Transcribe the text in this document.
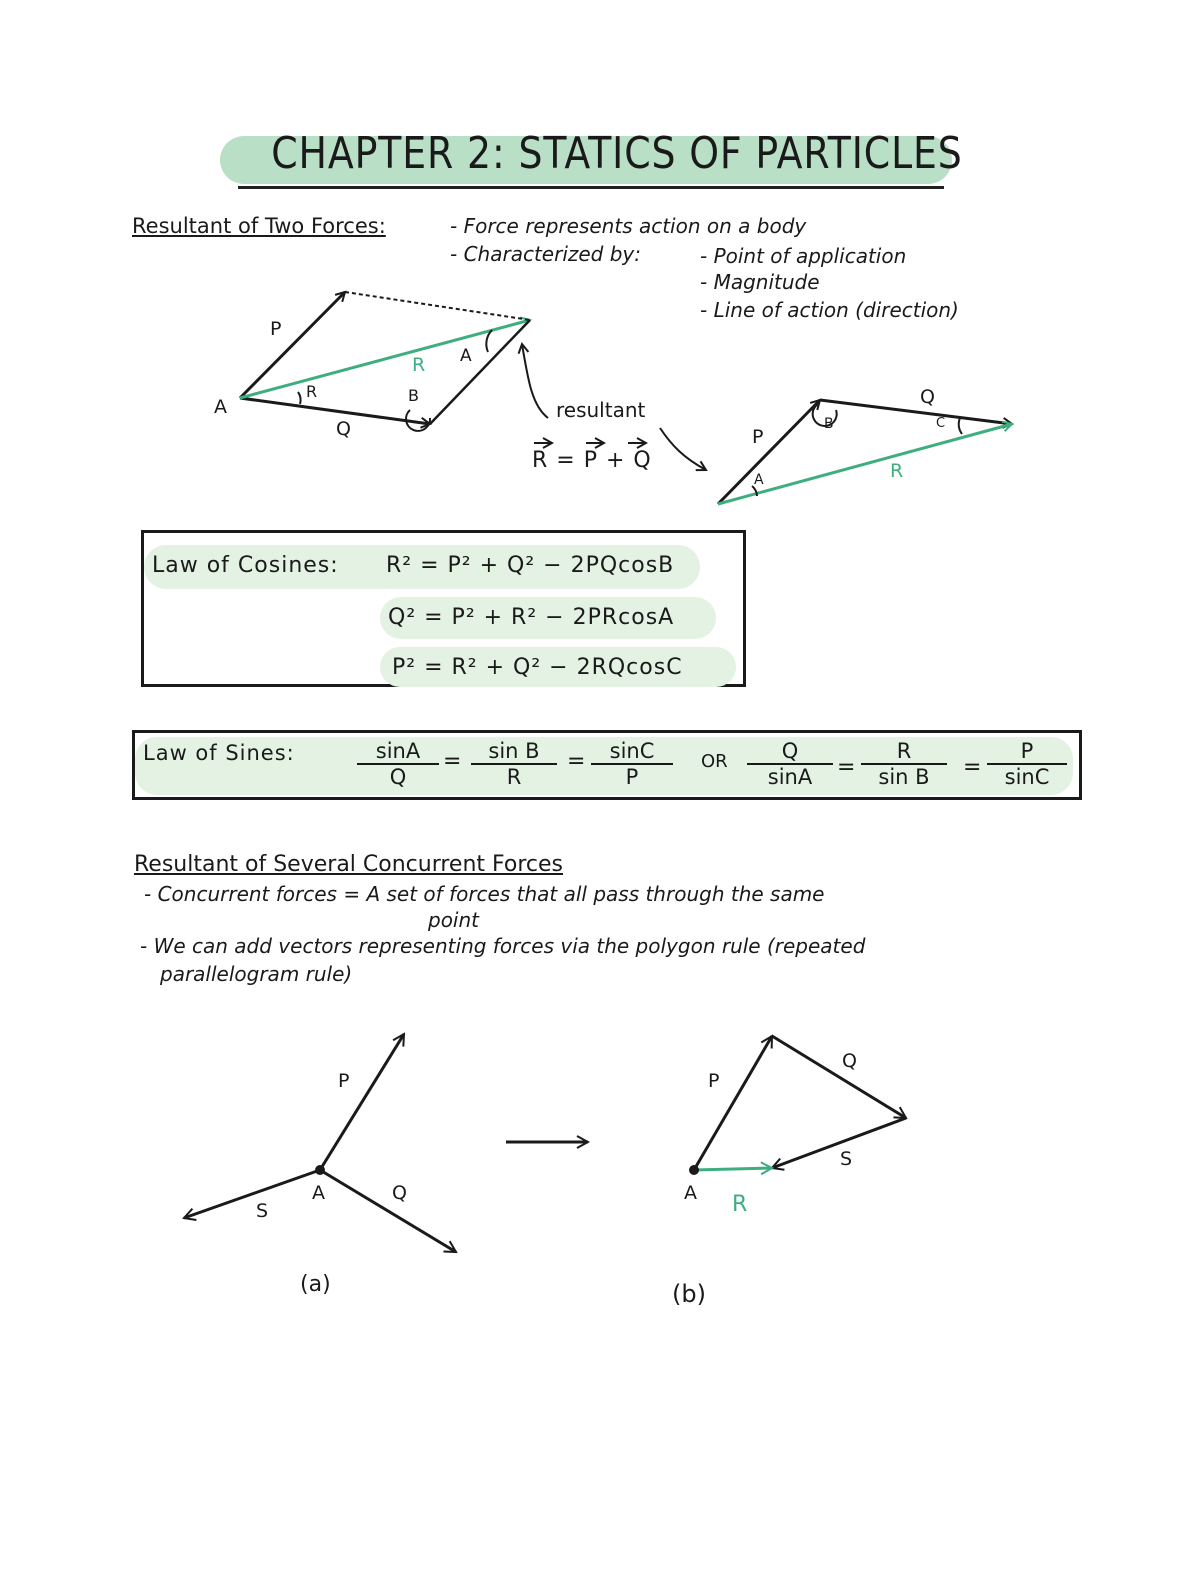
CHAPTER 2: STATICS OF PARTICLES
Resultant of Two Forces:	- Force represents action on a body
- Characterized by:	- Point of application
- Magnitude
- Line of action (direction)
P
Q
R
A
R	B
A
resultant
R = P + Q
P
Q
R
A
B	C
Law of Cosines: R² = P² + Q² − 2PQcosB
Q² = P² + R² − 2PRcosA
P² = R² + Q² − 2RQcosC
Law of Sines:	sinA
Q
=	sin B
R
=	sinC
P
OR	Q
sinA	=
R
sin B	=
P
sinC
Resultant of Several Concurrent Forces
- Concurrent forces = A set of forces that all pass through the same
point
- We can add vectors representing forces via the polygon rule (repeated
parallelogram rule)
P
Q
S
A
(a)
P
Q
S
A R
(b)
